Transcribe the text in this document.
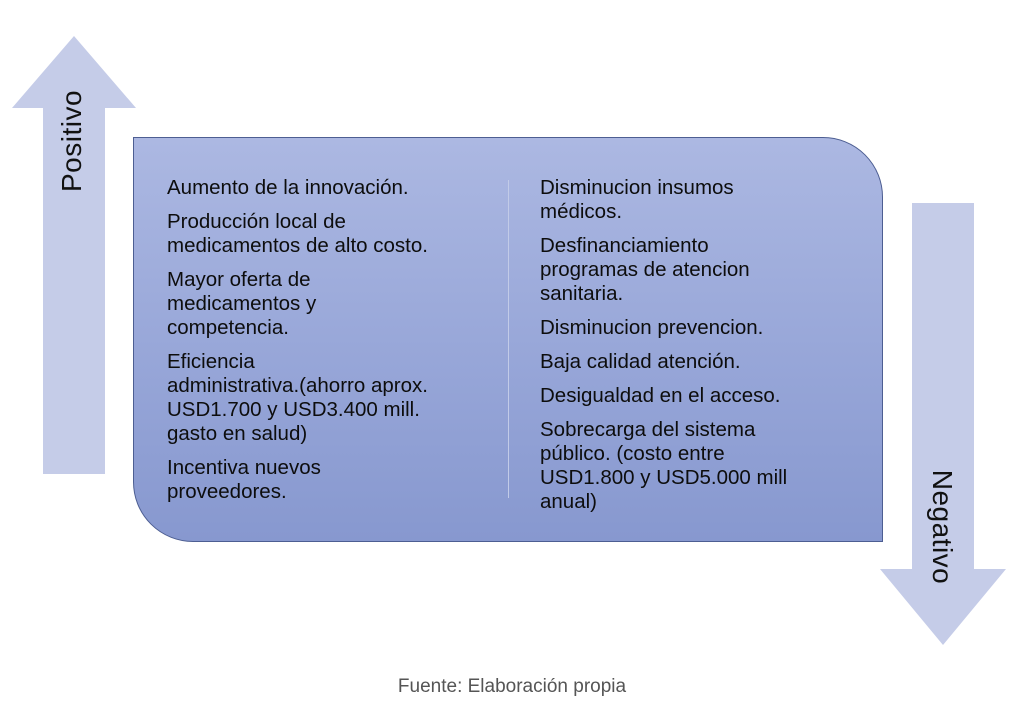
Positivo
Negativo

Aumento de la innovación.

Producción local de
medicamentos de alto costo.

Mayor oferta de
medicamentos y
competencia.

Eficiencia
administrativa.(ahorro aprox.
USD1.700 y USD3.400 mill.
gasto en salud)

Incentiva nuevos
proveedores.

Disminucion insumos
médicos.

Desfinanciamiento
programas de atencion
sanitaria.

Disminucion prevencion.

Baja calidad atención.

Desigualdad en el acceso.

Sobrecarga del sistema
público. (costo entre
USD1.800 y USD5.000 mill
anual)

Fuente: Elaboración propia
